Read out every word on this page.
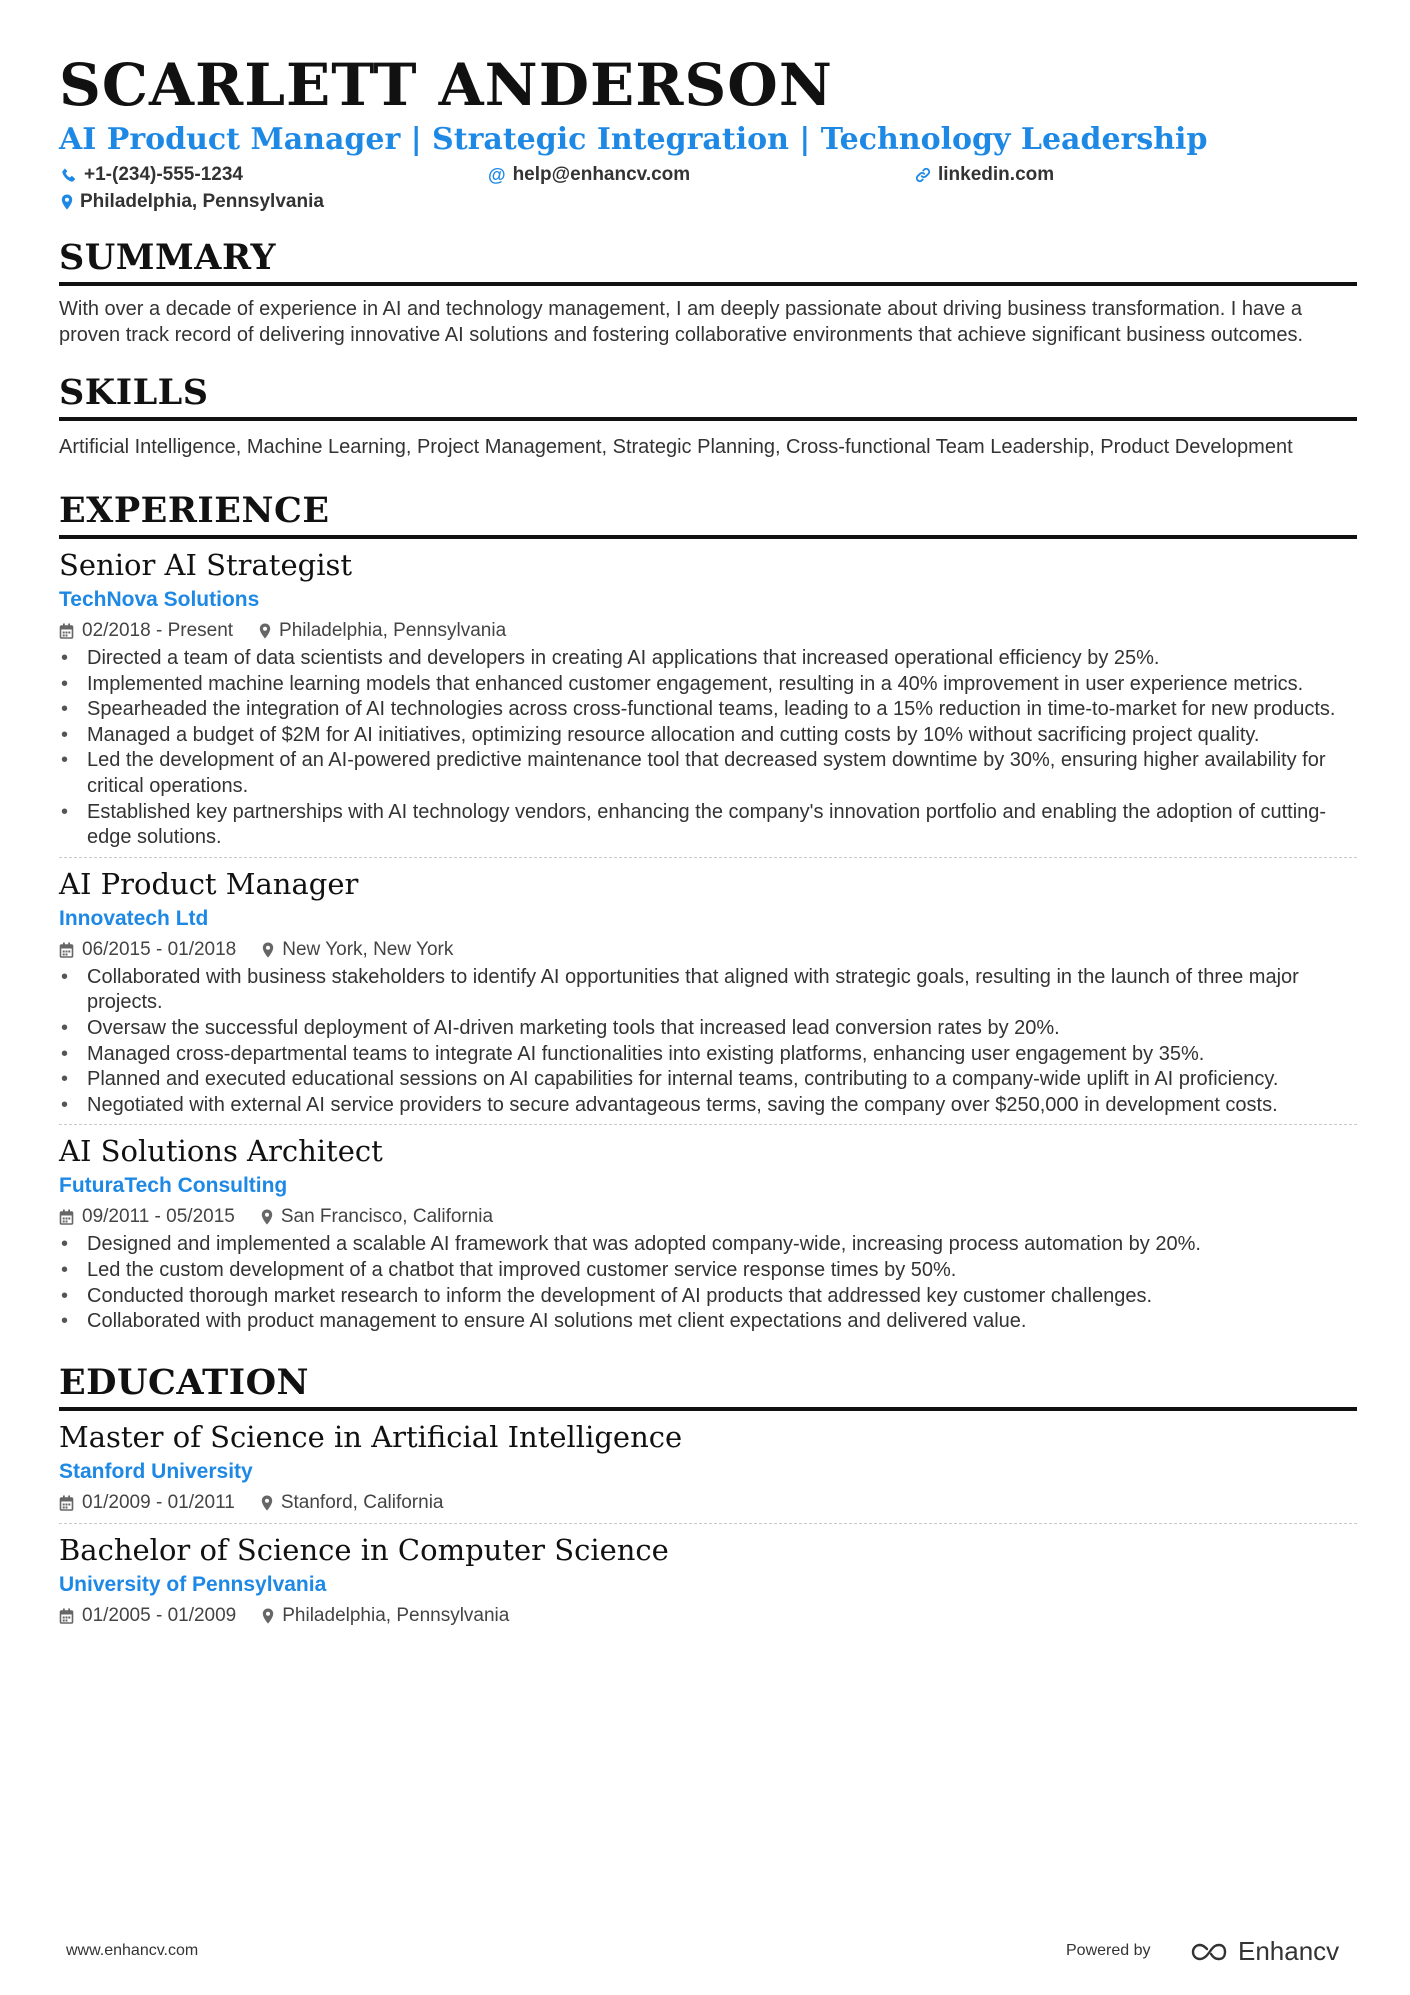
SCARLETT ANDERSON
AI Product Manager | Strategic Integration | Technology Leadership
+1-(234)-555-1234	@ help@enhancv.com	linkedin.com
Philadelphia, Pennsylvania
SUMMARY
With over a decade of experience in AI and technology management, I am deeply passionate about driving business transformation. I have a proven track record of delivering innovative AI solutions and fostering collaborative environments that achieve significant business outcomes.
SKILLS
Artificial Intelligence, Machine Learning, Project Management, Strategic Planning, Cross-functional Team Leadership, Product Development
EXPERIENCE
Senior AI Strategist
TechNova Solutions
02/2018 - Present Philadelphia, Pennsylvania
• Directed a team of data scientists and developers in creating AI applications that increased operational efficiency by 25%.
• Implemented machine learning models that enhanced customer engagement, resulting in a 40% improvement in user experience metrics.
• Spearheaded the integration of AI technologies across cross-functional teams, leading to a 15% reduction in time-to-market for new products.
• Managed a budget of $2M for AI initiatives, optimizing resource allocation and cutting costs by 10% without sacrificing project quality.
• Led the development of an AI-powered predictive maintenance tool that decreased system downtime by 30%, ensuring higher availability for critical operations.
• Established key partnerships with AI technology vendors, enhancing the company's innovation portfolio and enabling the adoption of cutting-edge solutions.
AI Product Manager
Innovatech Ltd
06/2015 - 01/2018 New York, New York
• Collaborated with business stakeholders to identify AI opportunities that aligned with strategic goals, resulting in the launch of three major projects.
• Oversaw the successful deployment of AI-driven marketing tools that increased lead conversion rates by 20%.
• Managed cross-departmental teams to integrate AI functionalities into existing platforms, enhancing user engagement by 35%.
• Planned and executed educational sessions on AI capabilities for internal teams, contributing to a company-wide uplift in AI proficiency.
• Negotiated with external AI service providers to secure advantageous terms, saving the company over $250,000 in development costs.
AI Solutions Architect
FuturaTech Consulting
09/2011 - 05/2015 San Francisco, California
• Designed and implemented a scalable AI framework that was adopted company-wide, increasing process automation by 20%.
• Led the custom development of a chatbot that improved customer service response times by 50%.
• Conducted thorough market research to inform the development of AI products that addressed key customer challenges.
• Collaborated with product management to ensure AI solutions met client expectations and delivered value.
EDUCATION
Master of Science in Artificial Intelligence
Stanford University
01/2009 - 01/2011 Stanford, California
Bachelor of Science in Computer Science
University of Pennsylvania
01/2005 - 01/2009 Philadelphia, Pennsylvania
www.enhancv.com	Powered by	Enhancv
